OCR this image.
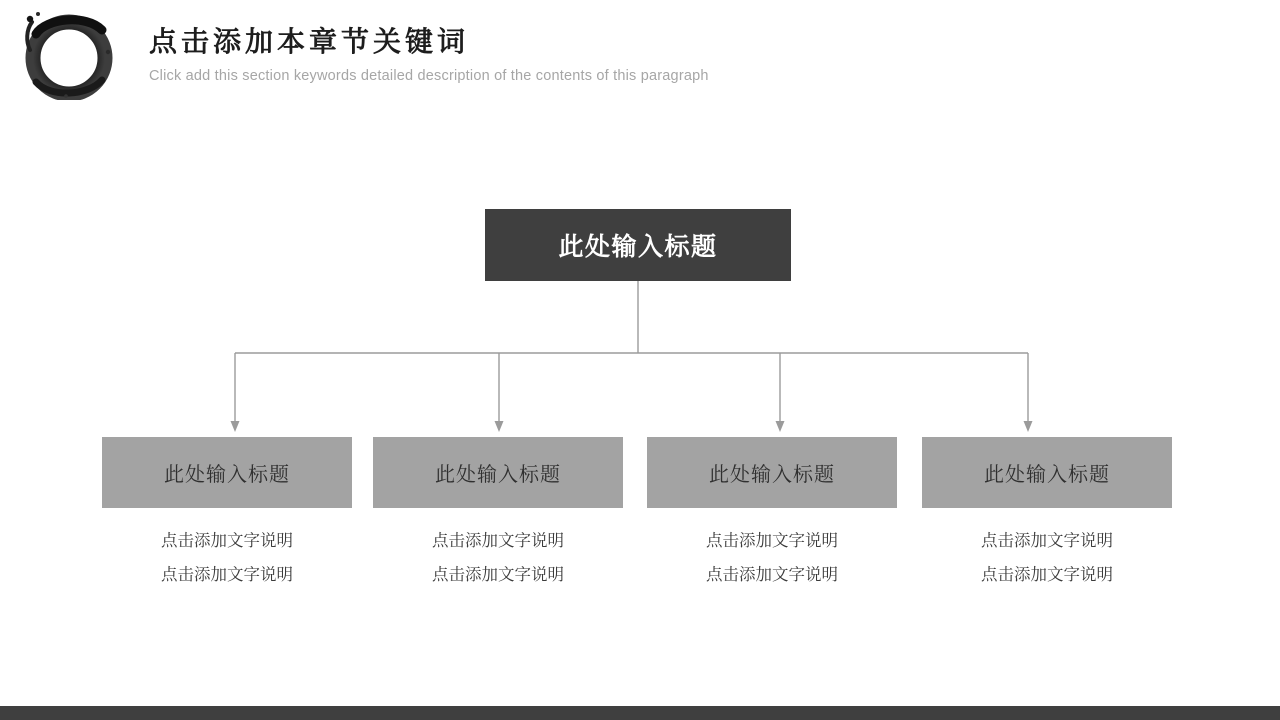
点击添加本章节关键词
Click add this section keywords detailed description of the contents of this paragraph
此处输入标题
此处输入标题
点击添加文字说明
点击添加文字说明
此处输入标题
点击添加文字说明
点击添加文字说明
此处输入标题
点击添加文字说明
点击添加文字说明
此处输入标题
点击添加文字说明
点击添加文字说明
